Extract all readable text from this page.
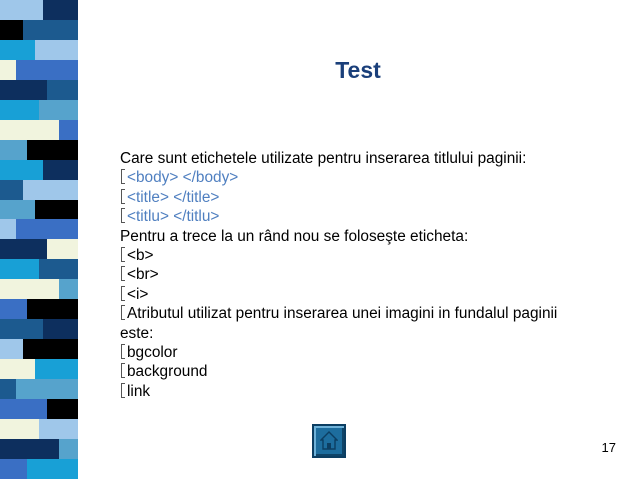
Test
Care sunt etichetele utilizate pentru inserarea titlului paginii:
<body> </body>
<title> </title>
<titlu> </titlu>
Pentru a trece la un rând nou se foloseşte eticheta:
<b>
<br>
<i>
Atributul utilizat pentru inserarea unei imagini in fundalul paginii este:
bgcolor
background
link
17
